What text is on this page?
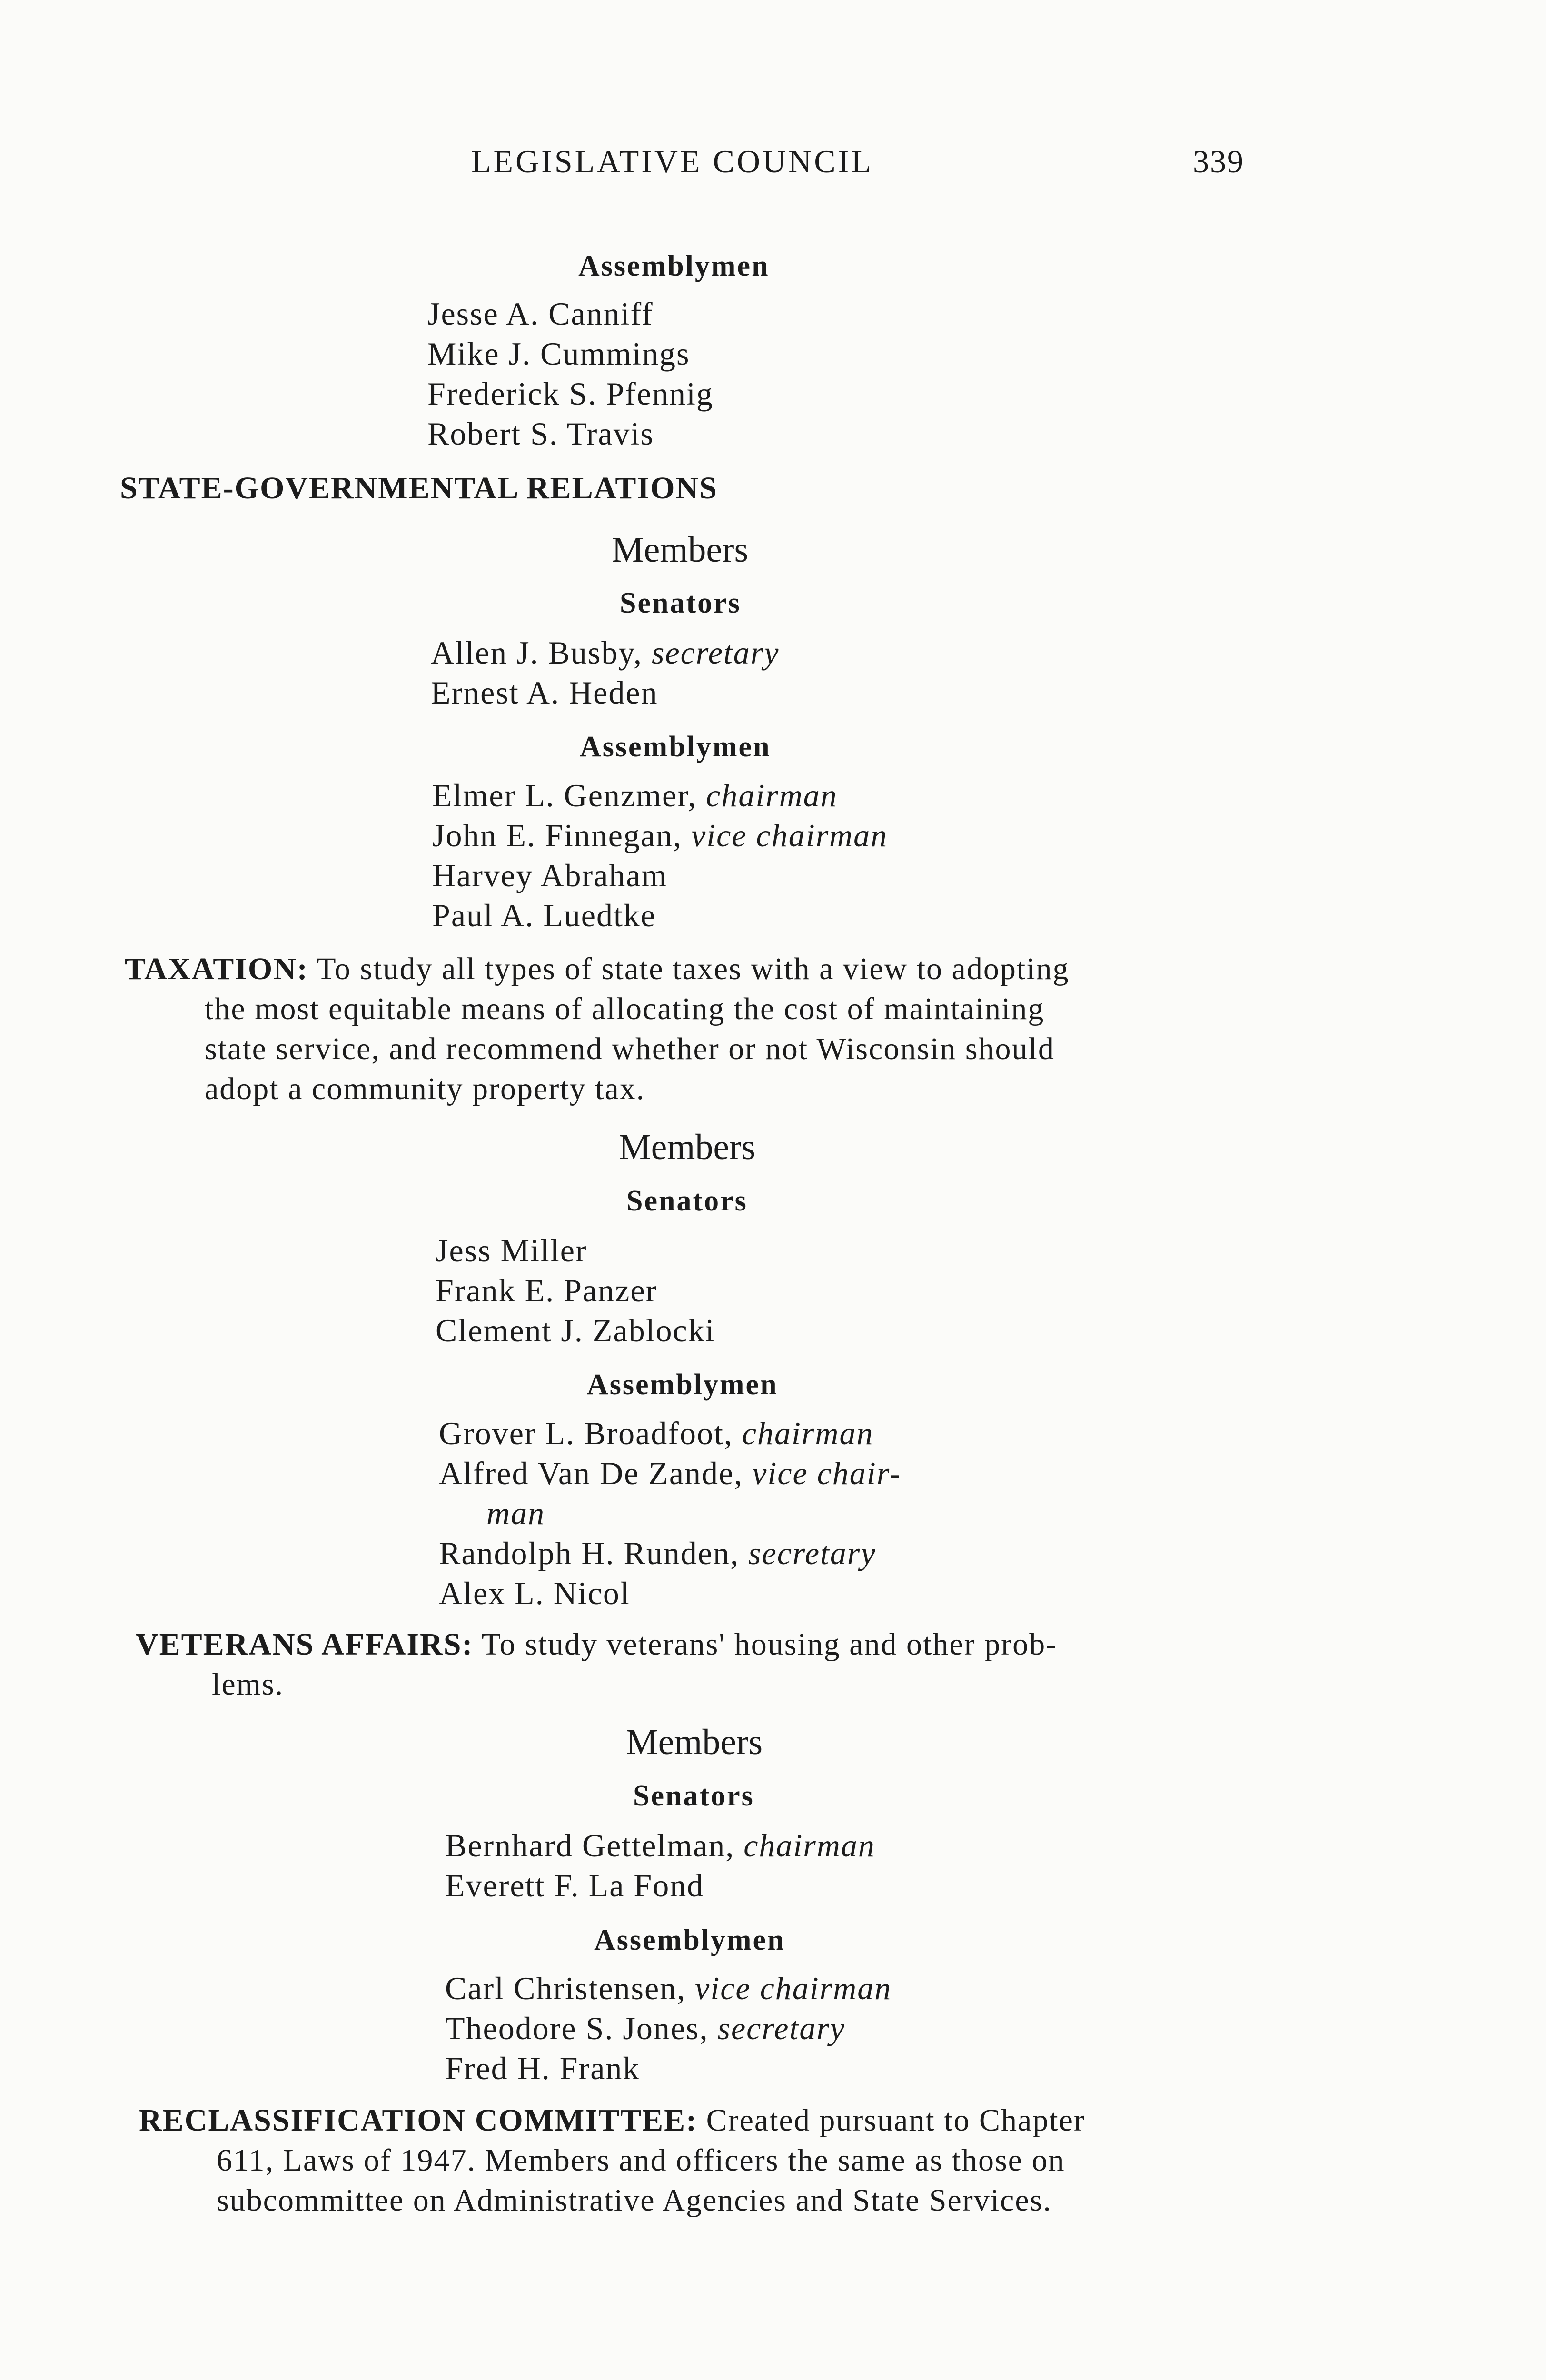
LEGISLATIVE COUNCIL	339
Assemblymen
Jesse A. Canniff
Mike J. Cummings
Frederick S. Pfennig
Robert S. Travis
STATE-GOVERNMENTAL RELATIONS
Members
Senators
Allen J. Busby, secretary
Ernest A. Heden
Assemblymen
Elmer L. Genzmer, chairman
John E. Finnegan, vice chairman
Harvey Abraham
Paul A. Luedtke
TAXATION: To study all types of state taxes with a view to adopting
the most equitable means of allocating the cost of maintaining
state service, and recommend whether or not Wisconsin should
adopt a community property tax.
Members
Senators
Jess Miller
Frank E. Panzer
Clement J. Zablocki
Assemblymen
Grover L. Broadfoot, chairman
Alfred Van De Zande, vice chair-
man
Randolph H. Runden, secretary
Alex L. Nicol
VETERANS AFFAIRS: To study veterans' housing and other prob-
lems.
Members
Senators
Bernhard Gettelman, chairman
Everett F. La Fond
Assemblymen
Carl Christensen, vice chairman
Theodore S. Jones, secretary
Fred H. Frank
RECLASSIFICATION COMMITTEE: Created pursuant to Chapter
611, Laws of 1947. Members and officers the same as those on
subcommittee on Administrative Agencies and State Services.
